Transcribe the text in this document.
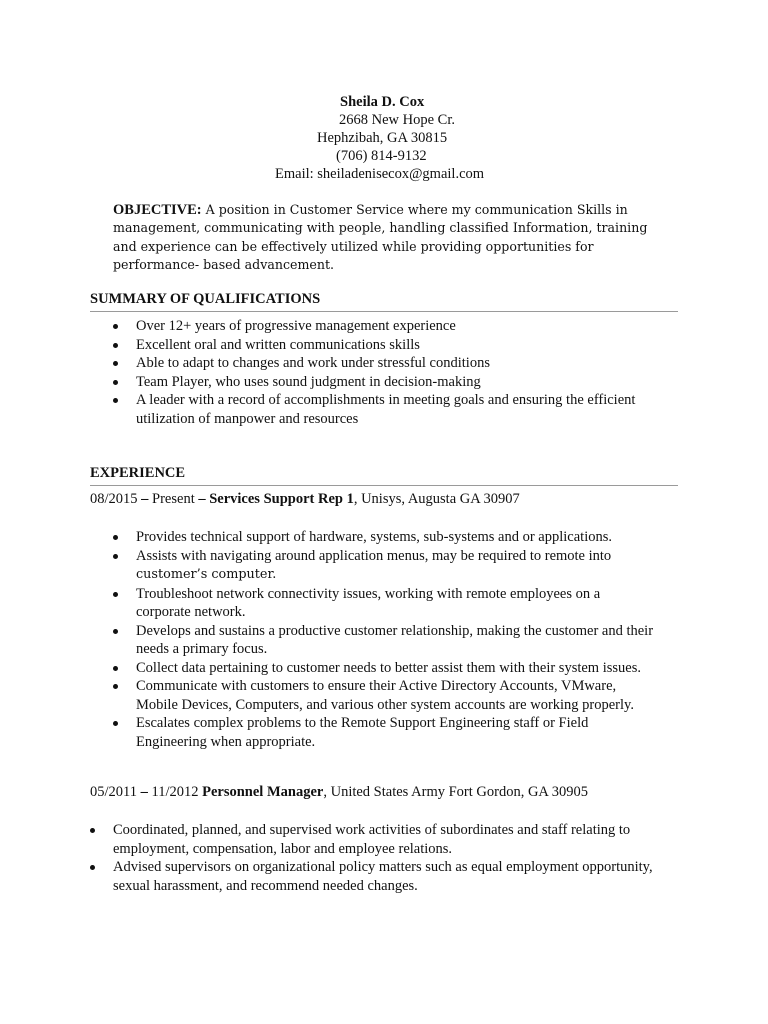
Sheila D. Cox
2668 New Hope Cr.
Hephzibah, GA 30815
(706) 814-9132
Email: sheiladenisecox@gmail.com
OBJECTIVE: A position in Customer Service where my communication Skills in management, communicating with people, handling classified Information, training and experience can be effectively utilized while providing opportunities for performance- based advancement.
SUMMARY OF QUALIFICATIONS
Over 12+ years of progressive management experience
Excellent oral and written communications skills
Able to adapt to changes and work under stressful conditions
Team Player, who uses sound judgment in decision-making
A leader with a record of accomplishments in meeting goals and ensuring the efficient utilization of manpower and resources
EXPERIENCE
08/2015 – Present – Services Support Rep 1, Unisys, Augusta GA 30907
Provides technical support of hardware, systems, sub-systems and or applications.
Assists with navigating around application menus, may be required to remote into customer’s computer.
Troubleshoot network connectivity issues, working with remote employees on a corporate network.
Develops and sustains a productive customer relationship, making the customer and their needs a primary focus.
Collect data pertaining to customer needs to better assist them with their system issues.
Communicate with customers to ensure their Active Directory Accounts, VMware, Mobile Devices, Computers, and various other system accounts are working properly.
Escalates complex problems to the Remote Support Engineering staff or Field Engineering when appropriate.
05/2011 – 11/2012 Personnel Manager, United States Army Fort Gordon, GA 30905
Coordinated, planned, and supervised work activities of subordinates and staff relating to employment, compensation, labor and employee relations.
Advised supervisors on organizational policy matters such as equal employment opportunity, sexual harassment, and recommend needed changes.
